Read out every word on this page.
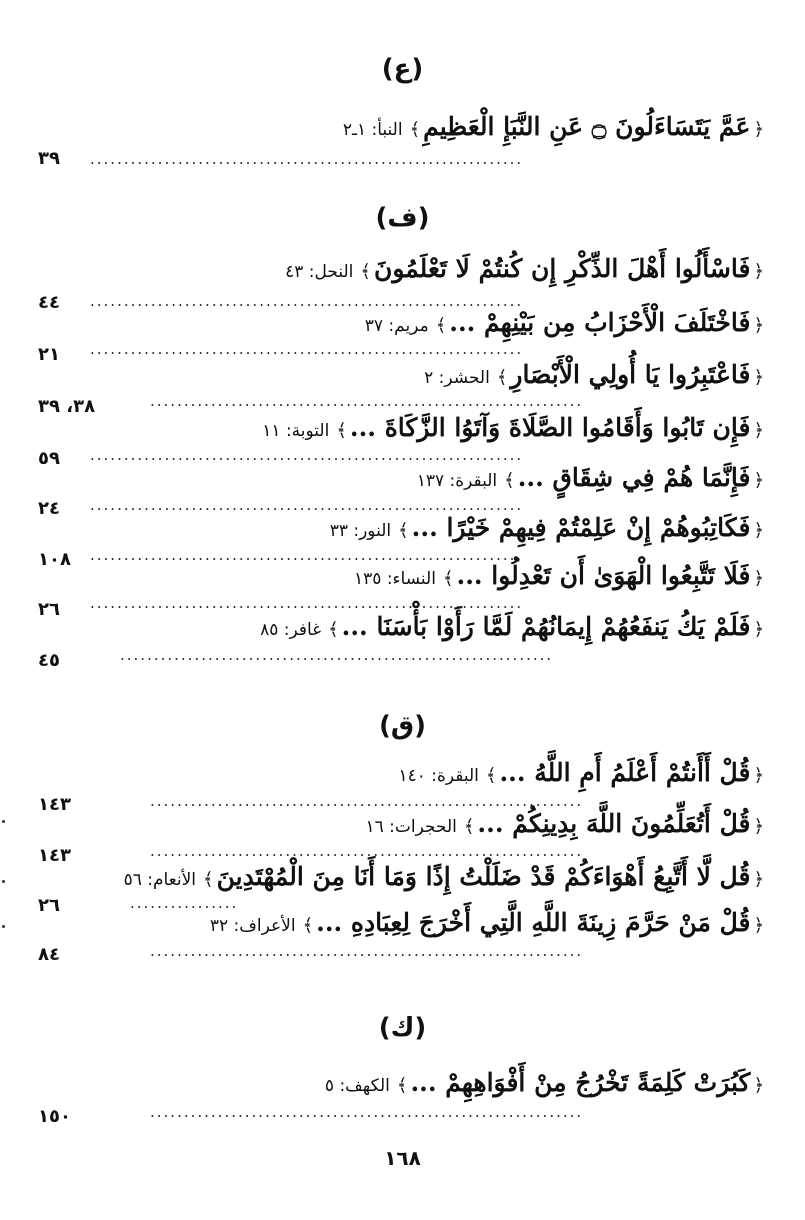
(ع)
﴿عَمَّ يَتَسَاءَلُونَ ۝ عَنِ النَّبَإِ الْعَظِيمِ﴾النبأ: ١ـ٢
................................................................
٣٩
(ف)
﴿فَاسْأَلُوا أَهْلَ الذِّكْرِ إِن كُنتُمْ لَا تَعْلَمُونَ﴾النحل: ٤٣
................................................................
٤٤
﴿فَاخْتَلَفَ الْأَحْزَابُ مِن بَيْنِهِمْ ...﴾مريم: ٣٧
................................................................
٢١
﴿فَاعْتَبِرُوا يَا أُولِي الْأَبْصَارِ﴾الحشر: ٢
................................................................
٣٨، ٣٩
﴿فَإِن تَابُوا وَأَقَامُوا الصَّلَاةَ وَآتَوُا الزَّكَاةَ ...﴾التوبة: ١١
................................................................
٥٩
﴿فَإِنَّمَا هُمْ فِي شِقَاقٍ ...﴾البقرة: ١٣٧
................................................................
٢٤
﴿فَكَاتِبُوهُمْ إِنْ عَلِمْتُمْ فِيهِمْ خَيْرًا ...﴾النور: ٣٣
................................................................
١٠٨
﴿فَلَا تَتَّبِعُوا الْهَوَىٰ أَن تَعْدِلُوا ...﴾النساء: ١٣٥
................................................................
٢٦
﴿فَلَمْ يَكُ يَنفَعُهُمْ إِيمَانُهُمْ لَمَّا رَأَوْا بَأْسَنَا ...﴾غافر: ٨٥
................................................................
٤٥
(ق)
﴿قُلْ أَأَنتُمْ أَعْلَمُ أَمِ اللَّهُ ...﴾البقرة: ١٤٠
................................................................
١٤٣
﴿قُلْ أَتُعَلِّمُونَ اللَّهَ بِدِينِكُمْ ...﴾الحجرات: ١٦
................................................................
١٤٣
﴿قُل لَّا أَتَّبِعُ أَهْوَاءَكُمْ قَدْ ضَلَلْتُ إِذًا وَمَا أَنَا مِنَ الْمُهْتَدِينَ﴾الأنعام: ٥٦
................
٢٦
﴿قُلْ مَنْ حَرَّمَ زِينَةَ اللَّهِ الَّتِي أَخْرَجَ لِعِبَادِهِ ...﴾الأعراف: ٣٢
................................................................
٨٤
(ك)
﴿كَبُرَتْ كَلِمَةً تَخْرُجُ مِنْ أَفْوَاهِهِمْ ...﴾الكهف: ٥
................................................................
١٥٠
١٦٨
